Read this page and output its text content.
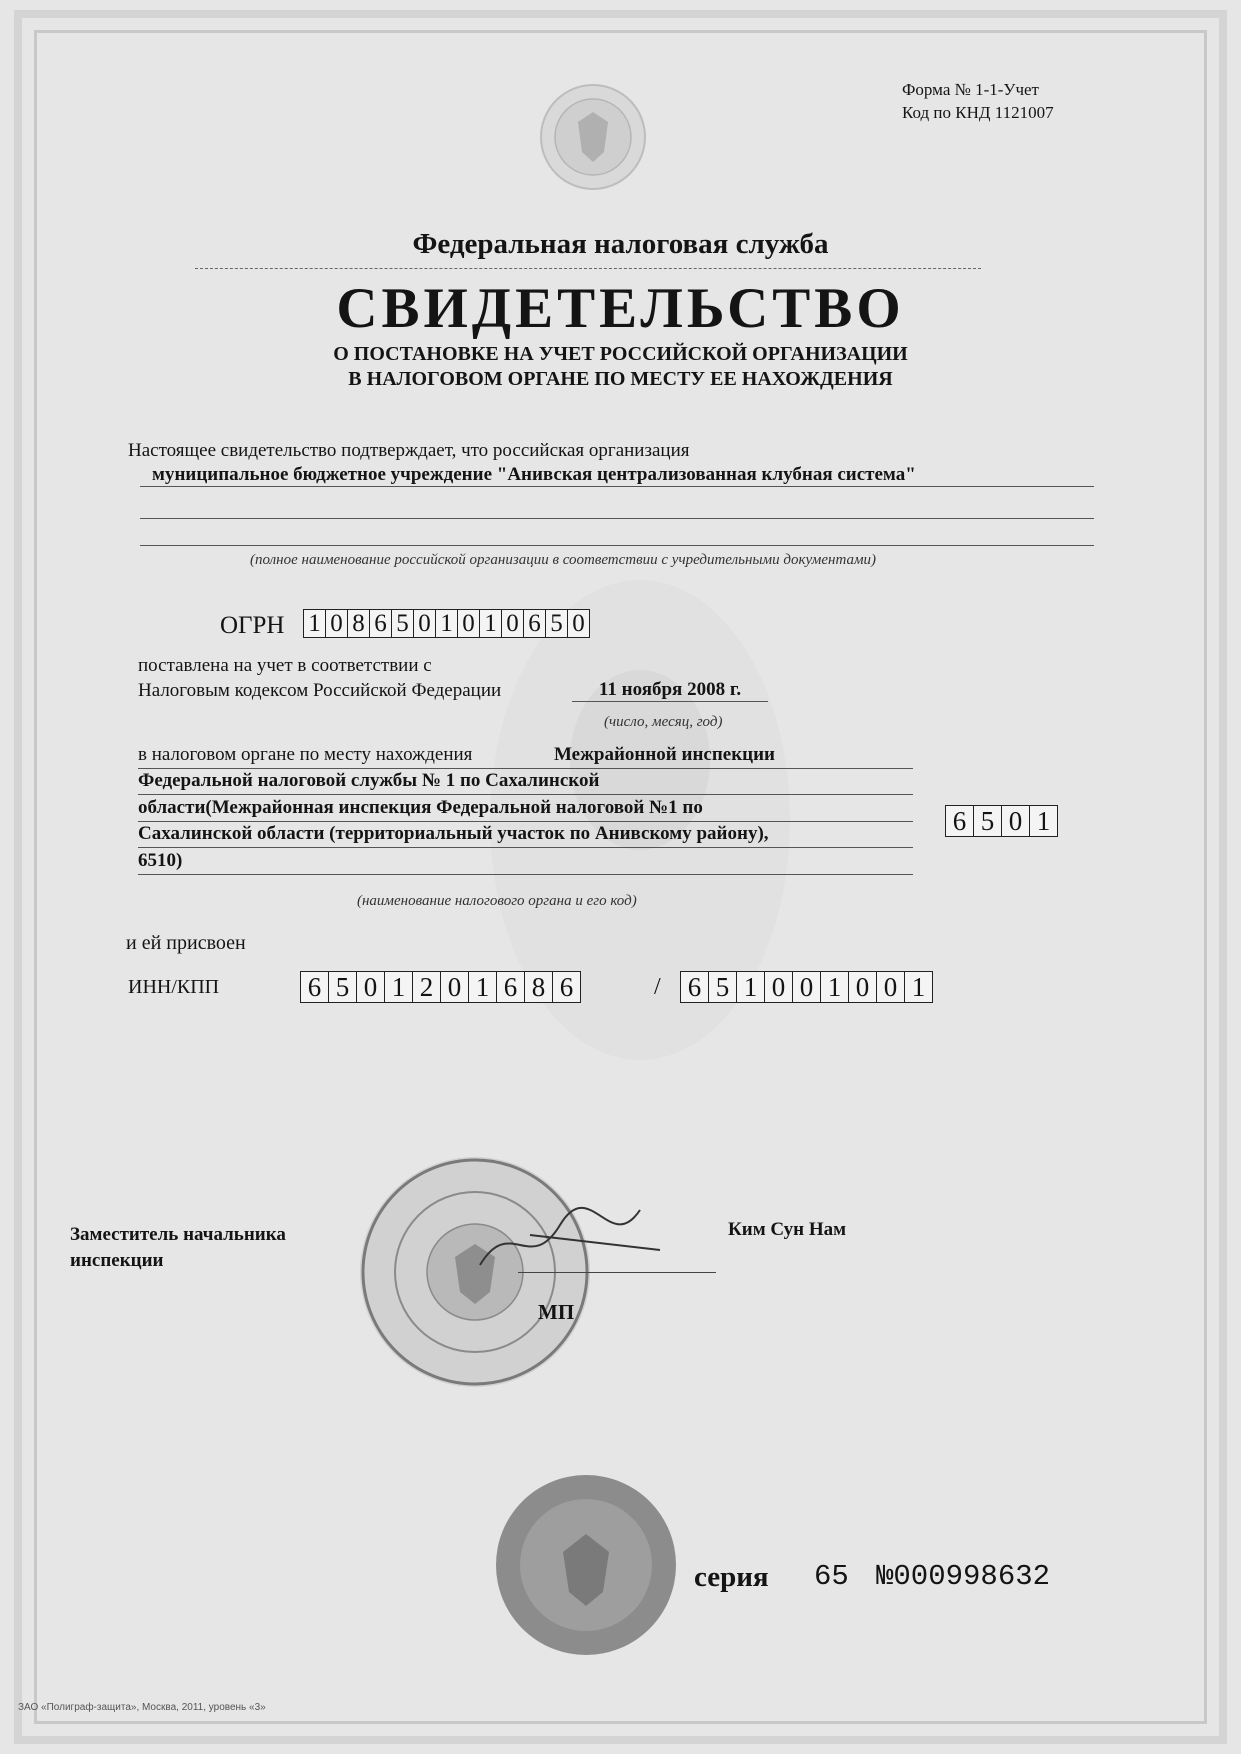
Форма № 1-1-Учет
Код по КНД 1121007
Федеральная налоговая служба
СВИДЕТЕЛЬСТВО
О ПОСТАНОВКЕ НА УЧЕТ РОССИЙСКОЙ ОРГАНИЗАЦИИ
В НАЛОГОВОМ ОРГАНЕ ПО МЕСТУ ЕЕ НАХОЖДЕНИЯ
Настоящее свидетельство подтверждает, что российская организация
муниципальное бюджетное учреждение "Анивская централизованная клубная система"
(полное наименование российской организации в соответствии с учредительными документами)
ОГРН 1 0 8 6 5 0 1 0 1 0 6 5 0
поставлена на учет в соответствии с
Налоговым кодексом Российской Федерации	11 ноября 2008 г.
(число, месяц, год)
в налоговом органе по месту нахождения	Межрайонной инспекции
Федеральной налоговой службы № 1 по Сахалинской
области(Межрайонная инспекция Федеральной налоговой №1 по
Сахалинской области (территориальный участок по Анивскому району),
6510)
6 5 0 1
(наименование налогового органа и его код)
и ей присвоен
ИНН/КПП	6 5 0 1 2 0 1 6 8 6	/ 6 5 1 0 0 1 0 0 1
Заместитель начальника
инспекции
МП
Ким Сун Нам
серия 65 №000998632
ЗАО «Полиграф-защита», Москва, 2011, уровень «3»
